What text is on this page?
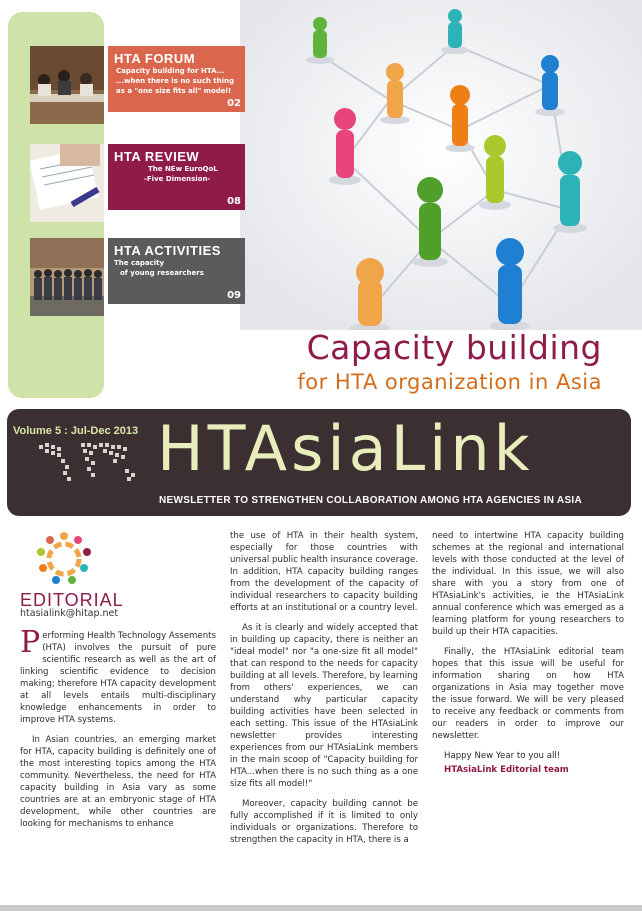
HTA FORUM
Capacity building for HTA...
...when there is no such thing
as a "one size fits all" model!
02
HTA REVIEW
The NEw EuroQoL
-Five Dimension-
08
HTA ACTIVITIES
The capacity
of young researchers
09
Capacity building
for HTA organization in Asia
Volume 5 : Jul-Dec 2013 HTAsiaLink
NEWSLETTER TO STRENGTHEN COLLABORATION AMONG HTA AGENCIES IN ASIA
EDITORIAL
htasialink@hitap.net

Performing Health Technology Assements (HTA) involves the pursuit of pure scientific research as well as the art of linking scientific evidence to decision making; therefore HTA capacity development at all levels entails multi-disciplinary knowledge enhancements in order to improve HTA systems.

In Asian countries, an emerging market for HTA, capacity building is definitely one of the most interesting topics among the HTA community. Nevertheless, the need for HTA capacity building in Asia vary as some countries are at an embryonic stage of HTA development, while other countries are looking for mechanisms to enhance

the use of HTA in their health system, especially for those countries with universal public health insurance coverage. In addition, HTA capacity building ranges from the development of the capacity of individual researchers to capacity building efforts at an institutional or a country level.

As it is clearly and widely accepted that in building up capacity, there is neither an "ideal model" nor "a one-size fit all model" that can respond to the needs for capacity building at all levels. Therefore, by learning from others' experiences, we can understand why particular capacity building activities have been selected in each setting. This issue of the HTAsiaLink newsletter provides interesting experiences from our HTAsiaLink members in the main scoop of "Capacity building for HTA...when there is no such thing as a one size fits all model!"

Moreover, capacity building cannot be fully accomplished if it is limited to only individuals or organizations. Therefore to strengthen the capacity in HTA, there is a

need to intertwine HTA capacity building schemes at the regional and international levels with those conducted at the level of the individual. In this issue, we will also share with you a story from one of HTAsiaLink's activities, ie the HTAsiaLink annual conference which was emerged as a learning platform for young researchers to build up their HTA capacities.

Finally, the HTAsiaLink editorial team hopes that this issue will be useful for information sharing on how HTA organizations in Asia may together move the issue forward. We will be very pleased to receive any feedback or comments from our readers in order to improve our newsletter.

Happy New Year to you all!

HTAsiaLink Editorial team
